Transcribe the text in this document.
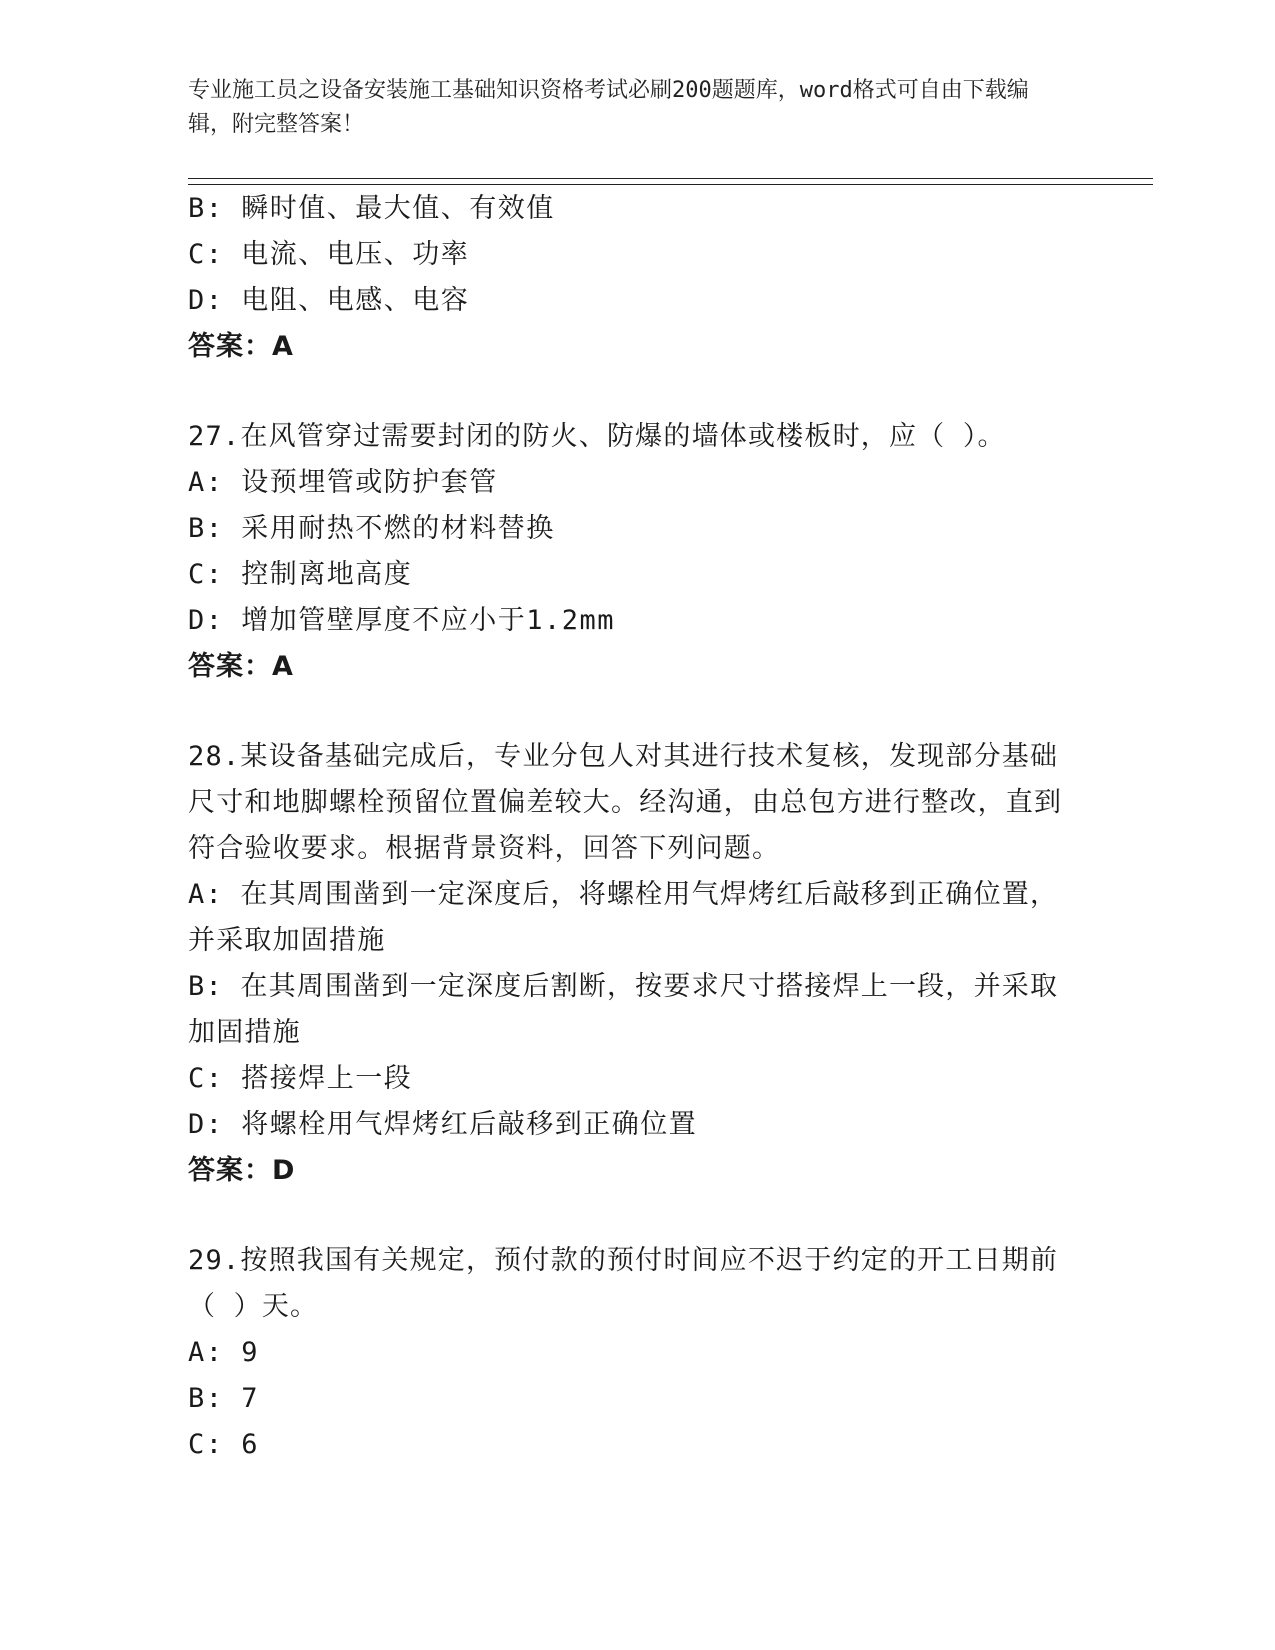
专业施工员之设备安装施工基础知识资格考试必刷200题题库，word格式可自由下载编辑，附完整答案！
B: 瞬时值、最大值、有效值
C: 电流、电压、功率
D: 电阻、电感、电容
答案：A
27.在风管穿过需要封闭的防火、防爆的墙体或楼板时，应（ ）。
A: 设预埋管或防护套管
B: 采用耐热不燃的材料替换
C: 控制离地高度
D: 增加管壁厚度不应小于1.2mm
答案：A
28.某设备基础完成后，专业分包人对其进行技术复核，发现部分基础尺寸和地脚螺栓预留位置偏差较大。经沟通，由总包方进行整改，直到符合验收要求。根据背景资料，回答下列问题。
A: 在其周围凿到一定深度后，将螺栓用气焊烤红后敲移到正确位置，并采取加固措施
B: 在其周围凿到一定深度后割断，按要求尺寸搭接焊上一段，并采取加固措施
C: 搭接焊上一段
D: 将螺栓用气焊烤红后敲移到正确位置
答案：D
29.按照我国有关规定，预付款的预付时间应不迟于约定的开工日期前（ ）天。
A: 9
B: 7
C: 6
